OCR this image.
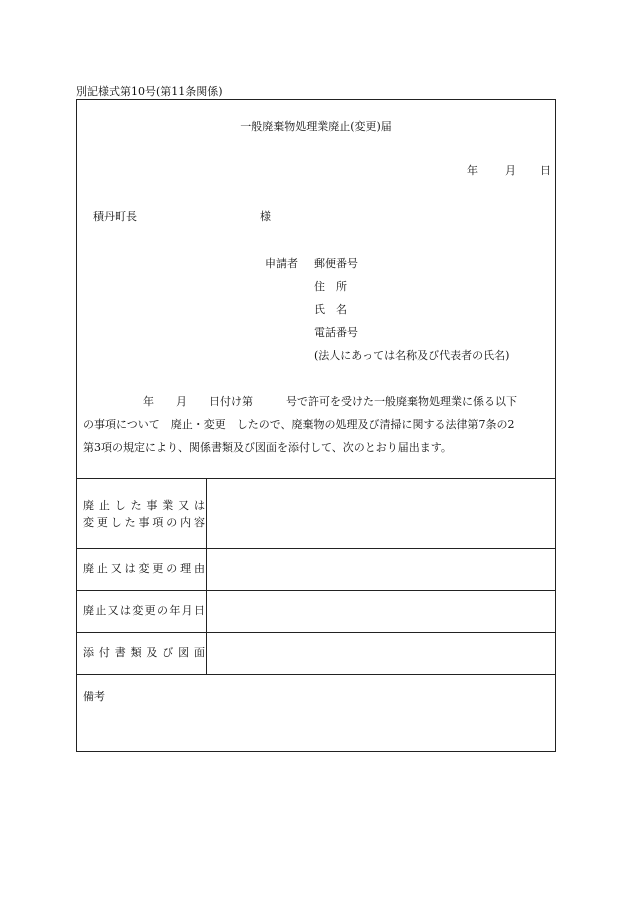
別記様式第10号(第11条関係)
一般廃棄物処理業廃止(変更)届
年 月 日
積丹町長	様
申請者 郵便番号
住　所
氏　名
電話番号
(法人にあっては名称及び代表者の氏名)
年　　月　　日付け第　　　号で許可を受けた一般廃棄物処理業に係る以下
の事項について　廃止・変更　したので、廃棄物の処理及び清掃に関する法律第7条の2
第3項の規定により、関係書類及び図面を添付して、次のとおり届出ます。
廃止した事業又は
変更した事項の内容
廃止又は変更の理由
廃止又は変更の年月日
添付書類及び図面
備考
